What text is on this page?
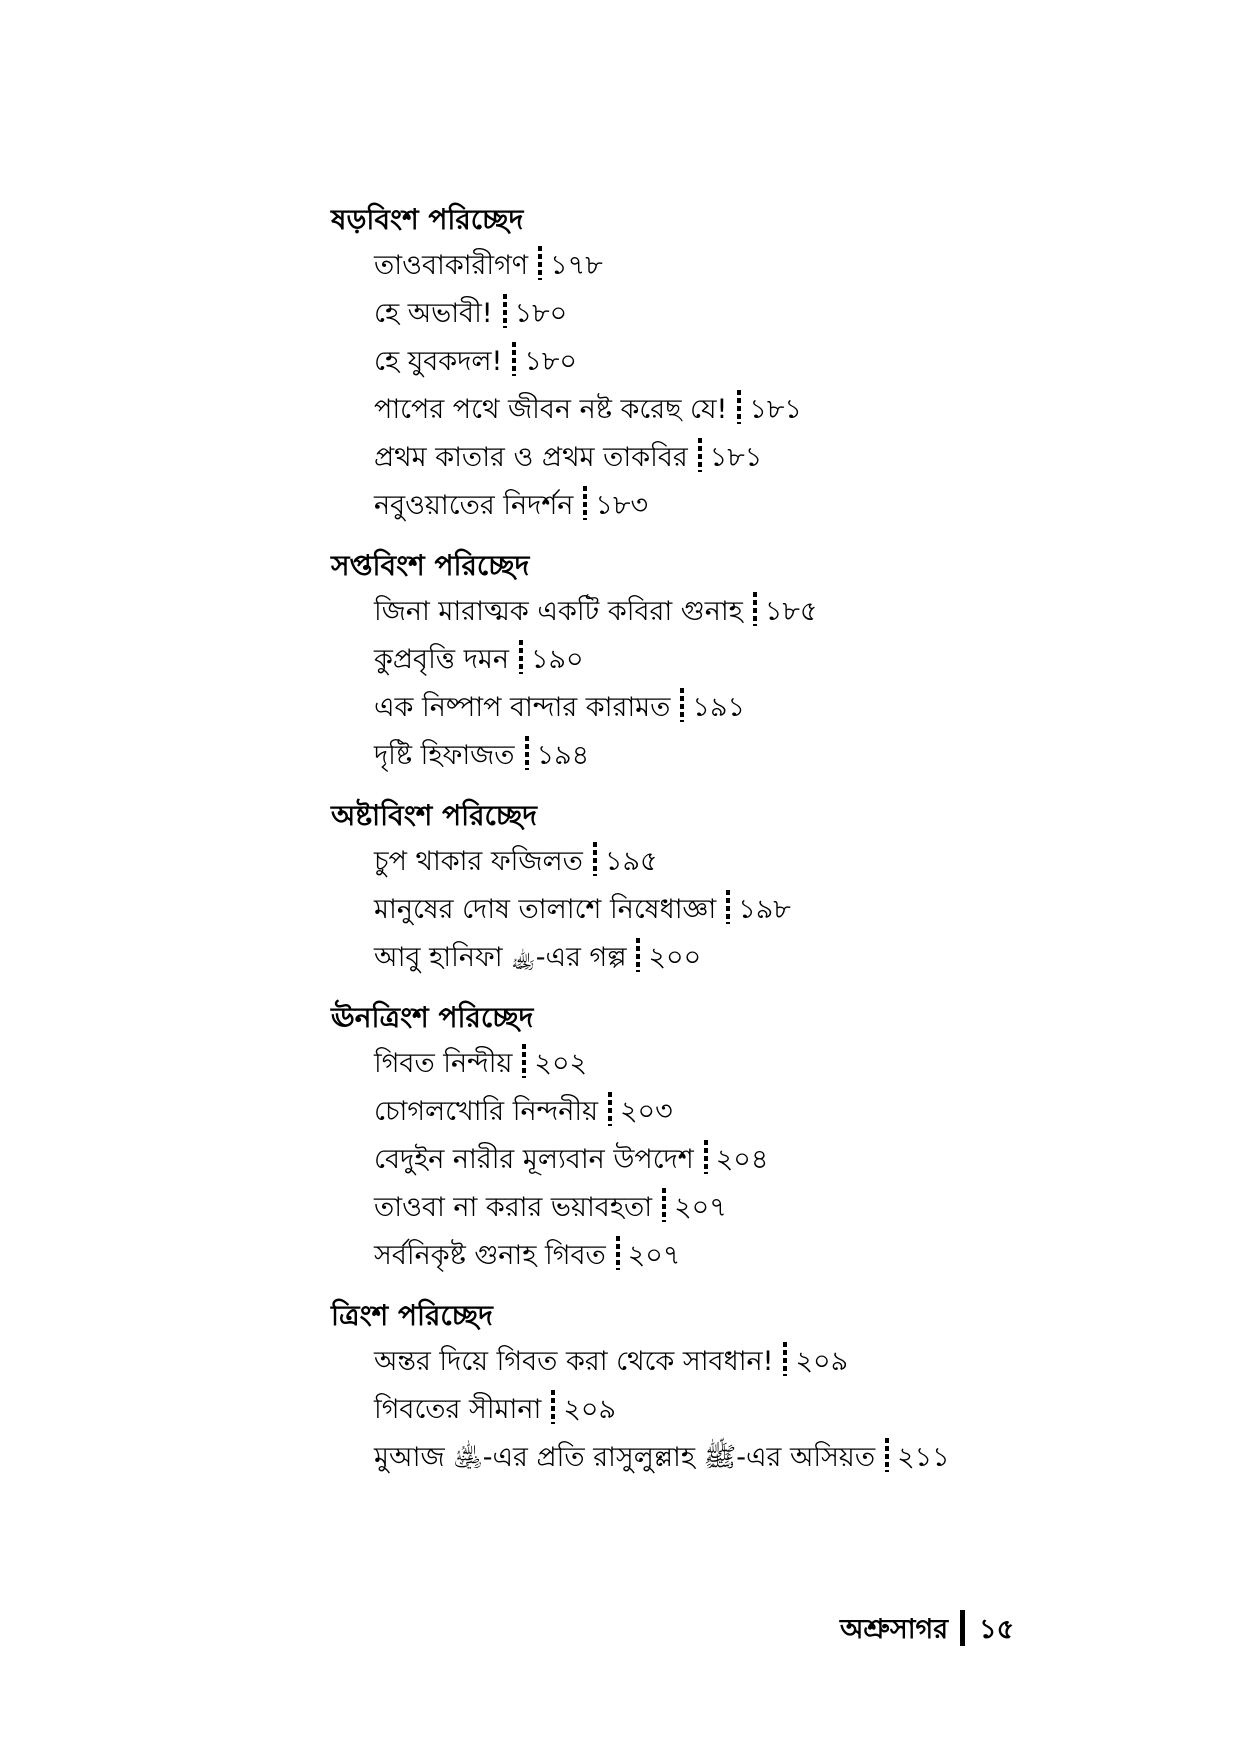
ষড়বিংশ পরিচ্ছেদ
তাওবাকারীগণ ১৭৮
হে অভাবী! ১৮০
হে যুবকদল! ১৮০
পাপের পথে জীবন নষ্ট করেছ যে! ১৮১
প্রথম কাতার ও প্রথম তাকবির ১৮১
নবুওয়াতের নিদর্শন ১৮৩
সপ্তবিংশ পরিচ্ছেদ
জিনা মারাত্মক একটি কবিরা গুনাহ ১৮৫
কুপ্রবৃত্তি দমন ১৯০
এক নিষ্পাপ বান্দার কারামত ১৯১
দৃষ্টি হিফাজত ১৯৪
অষ্টাবিংশ পরিচ্ছেদ
চুপ থাকার ফজিলত ১৯৫
মানুষের দোষ তালাশে নিষেধাজ্ঞা ১৯৮
আবু হানিফা ﵀-এর গল্প ২০০
ঊনত্রিংশ পরিচ্ছেদ
গিবত নিন্দীয় ২০২
চোগলখোরি নিন্দনীয় ২০৩
বেদুইন নারীর মূল্যবান উপদেশ ২০৪
তাওবা না করার ভয়াবহতা ২০৭
সর্বনিকৃষ্ট গুনাহ গিবত ২০৭
ত্রিংশ পরিচ্ছেদ
অন্তর দিয়ে গিবত করা থেকে সাবধান! ২০৯
গিবতের সীমানা ২০৯
মুআজ ﵁-এর প্রতি রাসুলুল্লাহ ﷺ-এর অসিয়ত ২১১
অশ্রুসাগর ১৫
